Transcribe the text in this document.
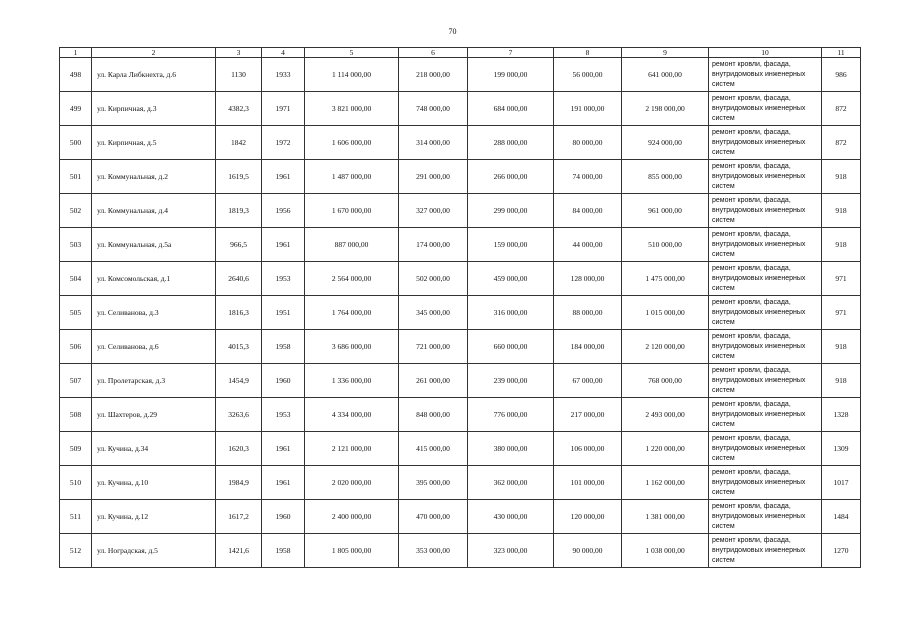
70
1	2	3	4	5	6	7	8	9	10	11
498	ул. Карла Либкнехта, д.6	1130	1933	1 114 000,00	218 000,00	199 000,00	56 000,00	641 000,00	ремонт кровли, фасада, внутридомовых инженерных систем	986
499	ул. Кирпичная, д.3	4382,3	1971	3 821 000,00	748 000,00	684 000,00	191 000,00	2 198 000,00	ремонт кровли, фасада, внутридомовых инженерных систем	872
500	ул. Кирпичная, д.5	1842	1972	1 606 000,00	314 000,00	288 000,00	80 000,00	924 000,00	ремонт кровли, фасада, внутридомовых инженерных систем	872
501	ул. Коммунальная, д.2	1619,5	1961	1 487 000,00	291 000,00	266 000,00	74 000,00	855 000,00	ремонт кровли, фасада, внутридомовых инженерных систем	918
502	ул. Коммунальная, д.4	1819,3	1956	1 670 000,00	327 000,00	299 000,00	84 000,00	961 000,00	ремонт кровли, фасада, внутридомовых инженерных систем	918
503	ул. Коммунальная, д.5а	966,5	1961	887 000,00	174 000,00	159 000,00	44 000,00	510 000,00	ремонт кровли, фасада, внутридомовых инженерных систем	918
504	ул. Комсомольская, д.1	2640,6	1953	2 564 000,00	502 000,00	459 000,00	128 000,00	1 475 000,00	ремонт кровли, фасада, внутридомовых инженерных систем	971
505	ул. Селиванова, д.3	1816,3	1951	1 764 000,00	345 000,00	316 000,00	88 000,00	1 015 000,00	ремонт кровли, фасада, внутридомовых инженерных систем	971
506	ул. Селиванова, д.6	4015,3	1958	3 686 000,00	721 000,00	660 000,00	184 000,00	2 120 000,00	ремонт кровли, фасада, внутридомовых инженерных систем	918
507	ул. Пролетарская, д.3	1454,9	1960	1 336 000,00	261 000,00	239 000,00	67 000,00	768 000,00	ремонт кровли, фасада, внутридомовых инженерных систем	918
508	ул. Шахтеров, д.29	3263,6	1953	4 334 000,00	848 000,00	776 000,00	217 000,00	2 493 000,00	ремонт кровли, фасада, внутридомовых инженерных систем	1328
509	ул. Кучина, д.34	1620,3	1961	2 121 000,00	415 000,00	380 000,00	106 000,00	1 220 000,00	ремонт кровли, фасада, внутридомовых инженерных систем	1309
510	ул. Кучина, д.10	1984,9	1961	2 020 000,00	395 000,00	362 000,00	101 000,00	1 162 000,00	ремонт кровли, фасада, внутридомовых инженерных систем	1017
511	ул. Кучина, д.12	1617,2	1960	2 400 000,00	470 000,00	430 000,00	120 000,00	1 381 000,00	ремонт кровли, фасада, внутридомовых инженерных систем	1484
512	ул. Ноградская, д.5	1421,6	1958	1 805 000,00	353 000,00	323 000,00	90 000,00	1 038 000,00	ремонт кровли, фасада, внутридомовых инженерных систем	1270
